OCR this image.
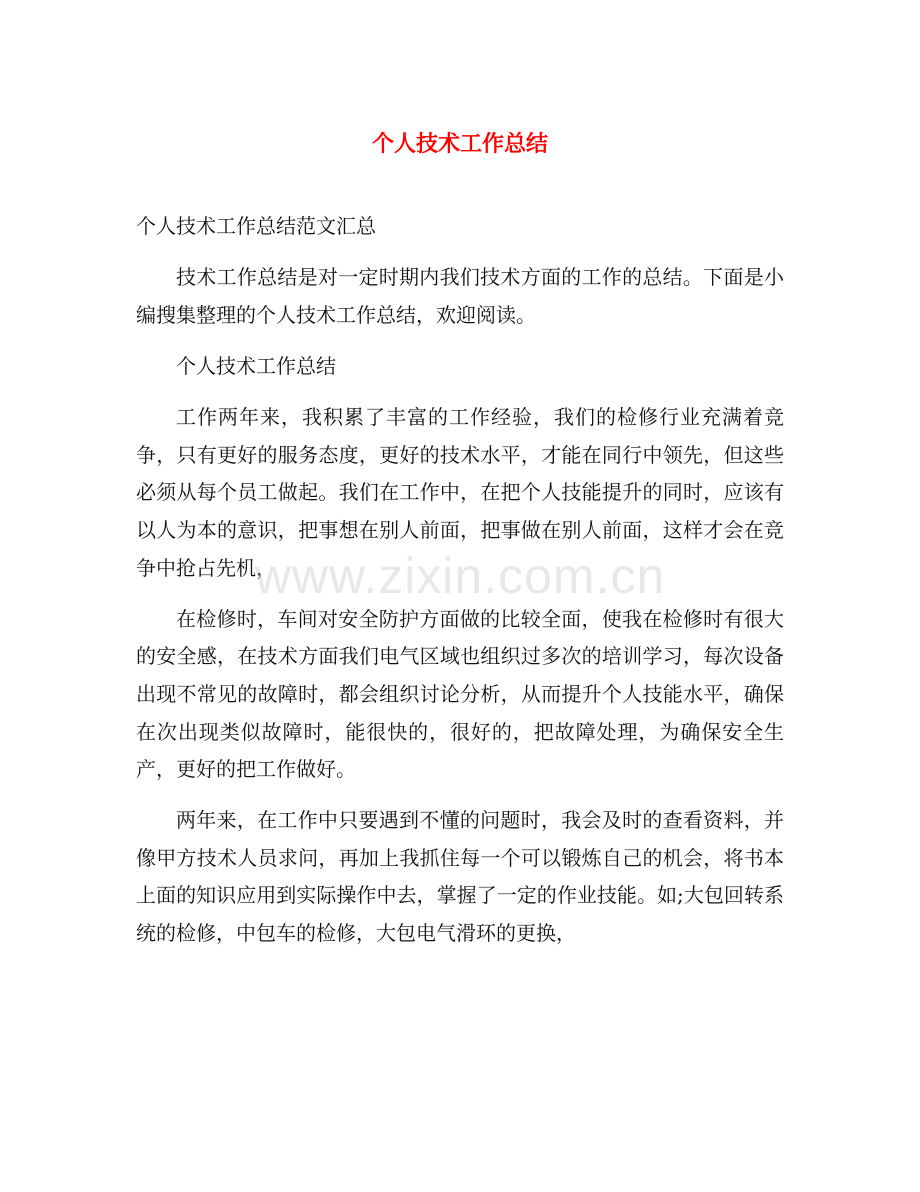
个人技术工作总结

个人技术工作总结范文汇总

技术工作总结是对一定时期内我们技术方面的工作的总结。下面是小编搜集整理的个人技术工作总结，欢迎阅读。

个人技术工作总结

工作两年来，我积累了丰富的工作经验，我们的检修行业充满着竞争，只有更好的服务态度，更好的技术水平，才能在同行中领先，但这些必须从每个员工做起。我们在工作中，在把个人技能提升的同时，应该有以人为本的意识，把事想在别人前面，把事做在别人前面，这样才会在竞争中抢占先机，

在检修时，车间对安全防护方面做的比较全面，使我在检修时有很大的安全感，在技术方面我们电气区域也组织过多次的培训学习，每次设备出现不常见的故障时，都会组织讨论分析，从而提升个人技能水平，确保在次出现类似故障时，能很快的，很好的，把故障处理，为确保安全生产，更好的把工作做好。

两年来，在工作中只要遇到不懂的问题时，我会及时的查看资料，并像甲方技术人员求问，再加上我抓住每一个可以锻炼自己的机会，将书本上面的知识应用到实际操作中去，掌握了一定的作业技能。如;大包回转系统的检修，中包车的检修，大包电气滑环的更换，

www.zixin.com.cn
